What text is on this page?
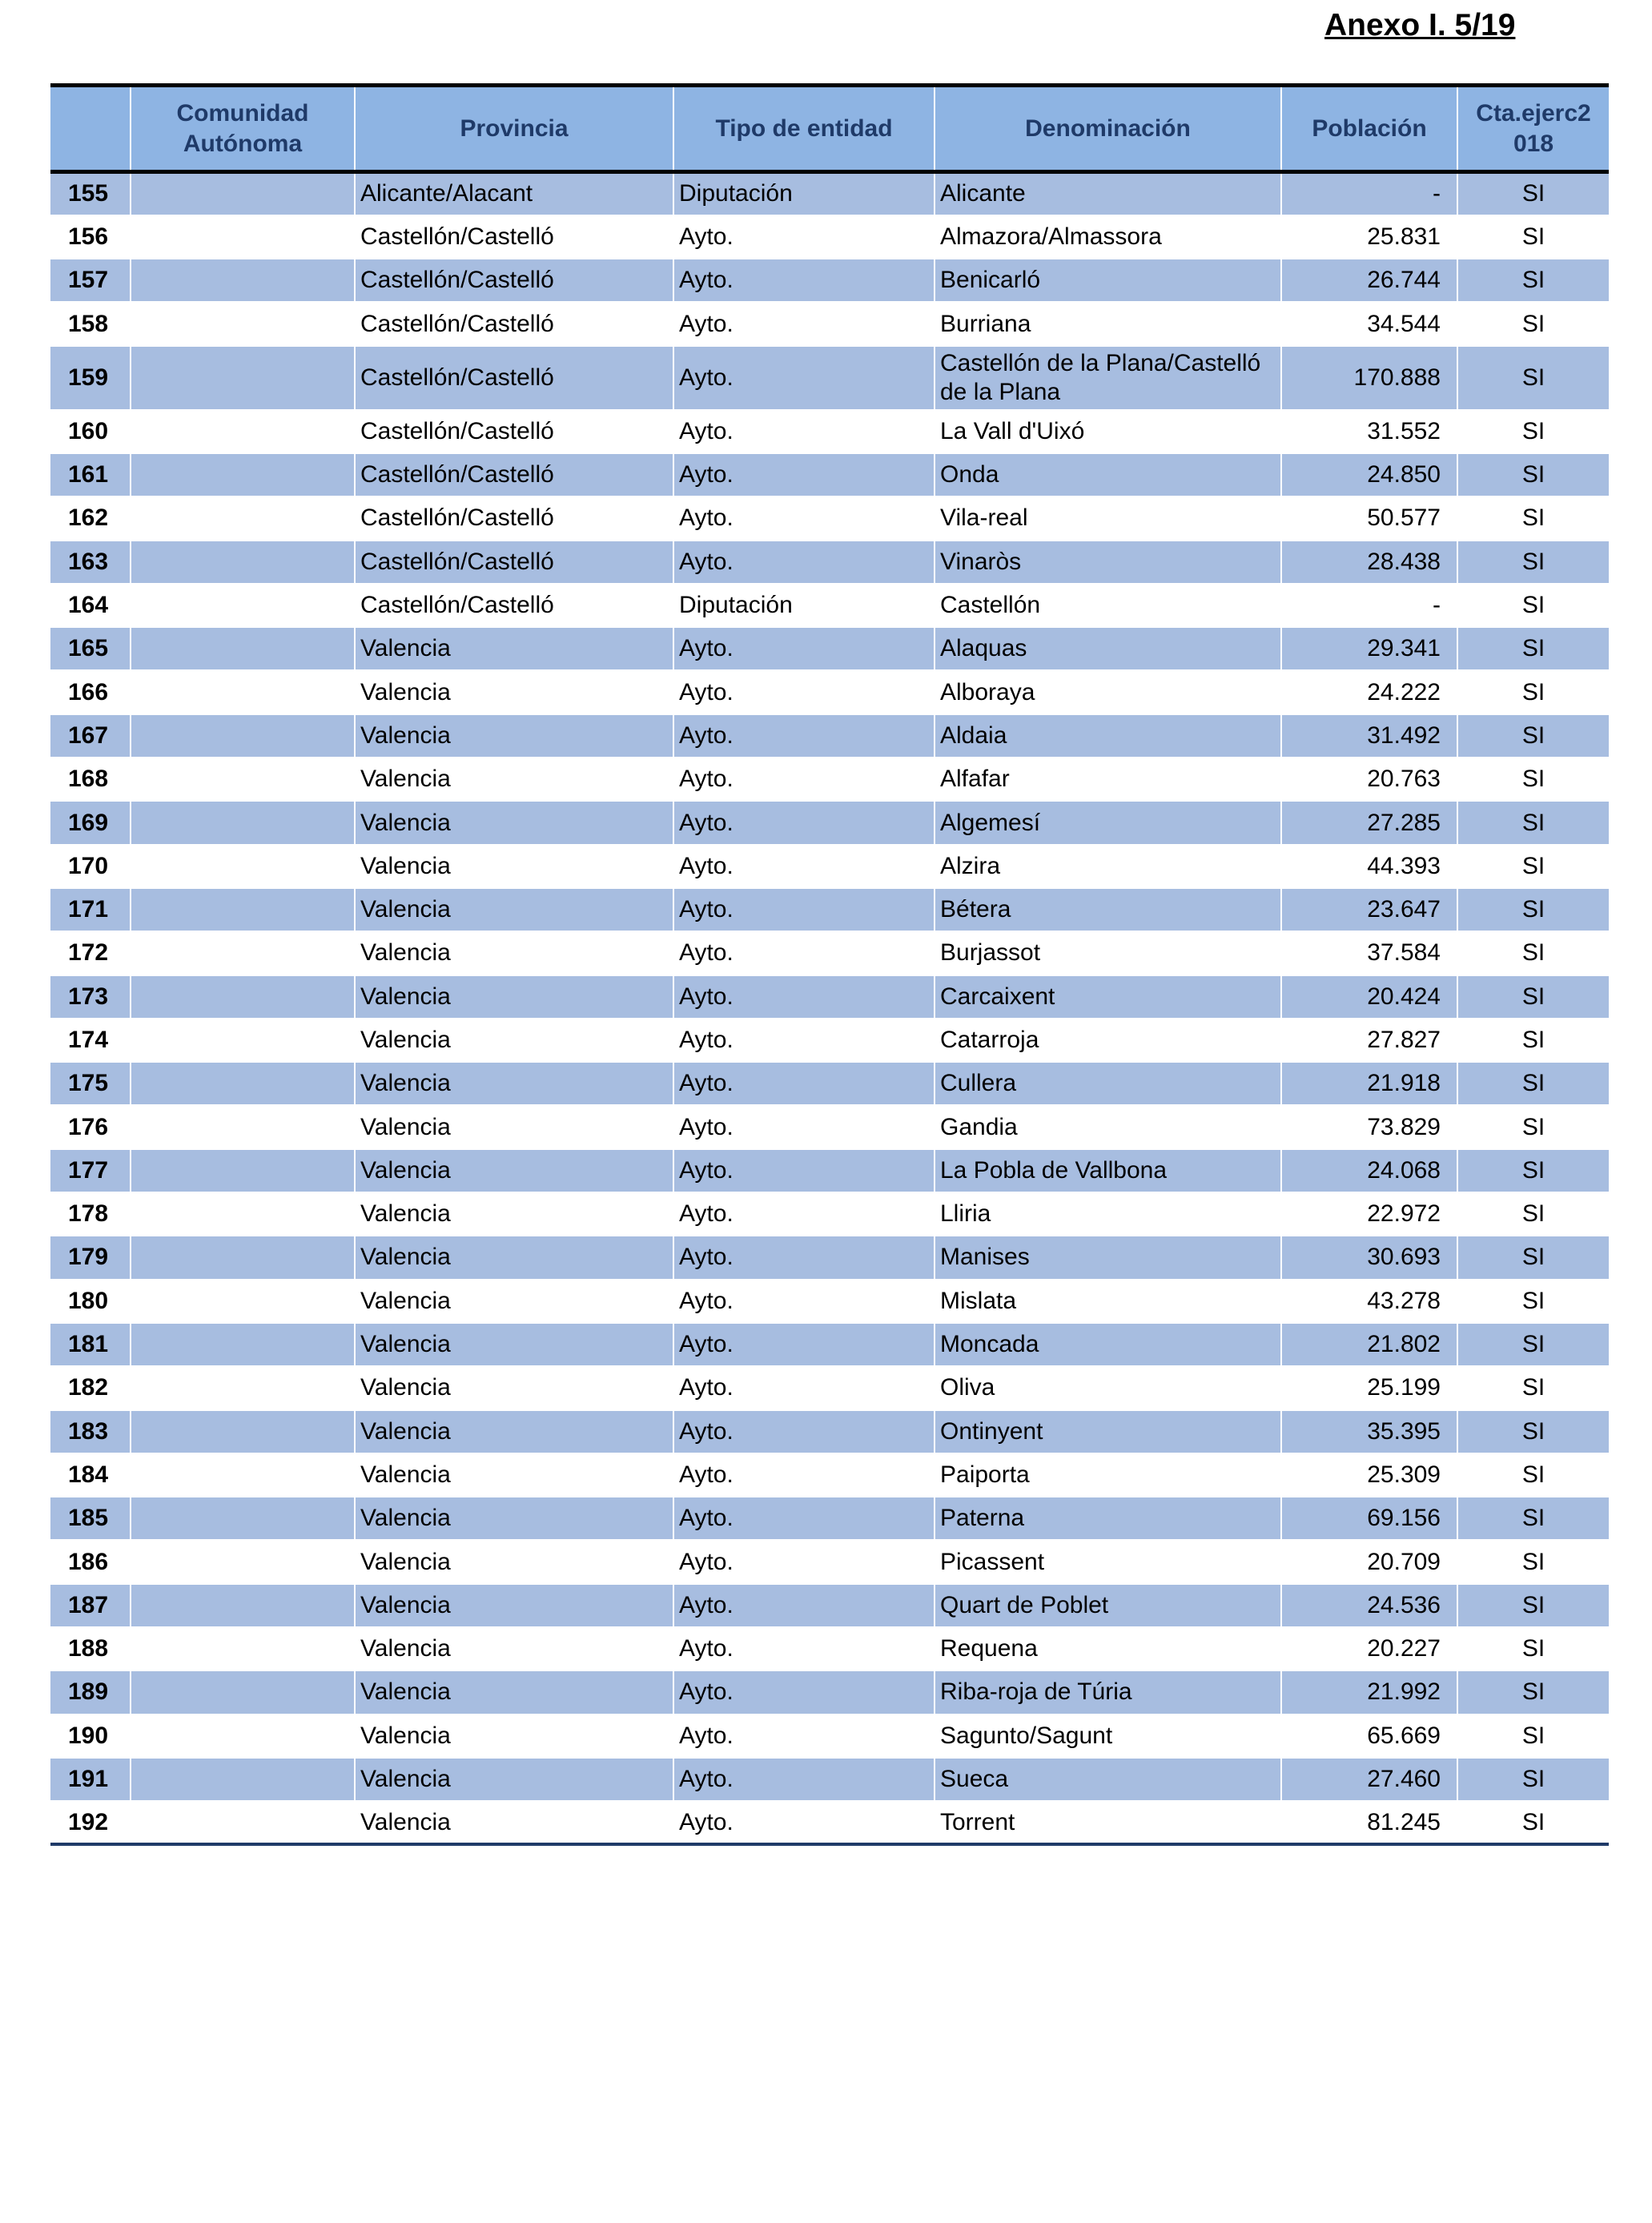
Anexo I. 5/19
	Comunidad Autónoma	Provincia	Tipo de entidad	Denominación	Población	Cta.ejerc2 018
155		Alicante/Alacant	Diputación	Alicante	-	SI
156		Castellón/Castelló	Ayto.	Almazora/Almassora	25.831	SI
157		Castellón/Castelló	Ayto.	Benicarló	26.744	SI
158		Castellón/Castelló	Ayto.	Burriana	34.544	SI
159		Castellón/Castelló	Ayto.	Castellón de la Plana/Castelló de la Plana	170.888	SI
160		Castellón/Castelló	Ayto.	La Vall d'Uixó	31.552	SI
161		Castellón/Castelló	Ayto.	Onda	24.850	SI
162		Castellón/Castelló	Ayto.	Vila-real	50.577	SI
163		Castellón/Castelló	Ayto.	Vinaròs	28.438	SI
164		Castellón/Castelló	Diputación	Castellón	-	SI
165		Valencia	Ayto.	Alaquas	29.341	SI
166		Valencia	Ayto.	Alboraya	24.222	SI
167		Valencia	Ayto.	Aldaia	31.492	SI
168		Valencia	Ayto.	Alfafar	20.763	SI
169		Valencia	Ayto.	Algemesí	27.285	SI
170		Valencia	Ayto.	Alzira	44.393	SI
171		Valencia	Ayto.	Bétera	23.647	SI
172		Valencia	Ayto.	Burjassot	37.584	SI
173		Valencia	Ayto.	Carcaixent	20.424	SI
174		Valencia	Ayto.	Catarroja	27.827	SI
175		Valencia	Ayto.	Cullera	21.918	SI
176		Valencia	Ayto.	Gandia	73.829	SI
177		Valencia	Ayto.	La Pobla de Vallbona	24.068	SI
178		Valencia	Ayto.	Lliria	22.972	SI
179		Valencia	Ayto.	Manises	30.693	SI
180		Valencia	Ayto.	Mislata	43.278	SI
181		Valencia	Ayto.	Moncada	21.802	SI
182		Valencia	Ayto.	Oliva	25.199	SI
183		Valencia	Ayto.	Ontinyent	35.395	SI
184		Valencia	Ayto.	Paiporta	25.309	SI
185		Valencia	Ayto.	Paterna	69.156	SI
186		Valencia	Ayto.	Picassent	20.709	SI
187		Valencia	Ayto.	Quart de Poblet	24.536	SI
188		Valencia	Ayto.	Requena	20.227	SI
189		Valencia	Ayto.	Riba-roja de Túria	21.992	SI
190		Valencia	Ayto.	Sagunto/Sagunt	65.669	SI
191		Valencia	Ayto.	Sueca	27.460	SI
192		Valencia	Ayto.	Torrent	81.245	SI
